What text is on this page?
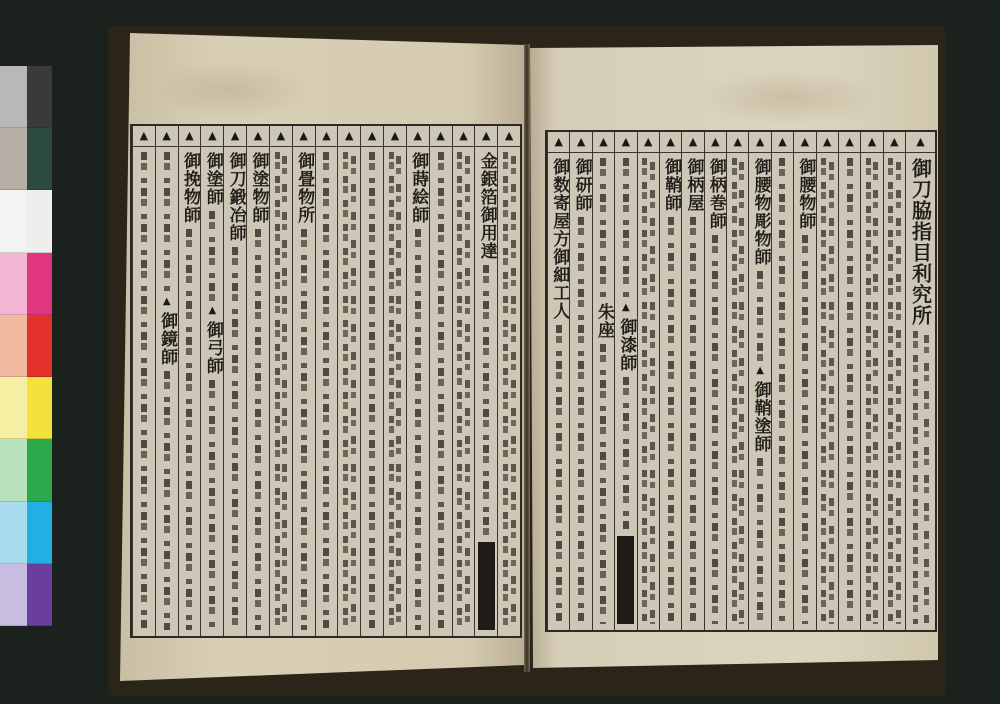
▲
▲
金銀箔御用達
▲
▲
▲
御蒔絵師
▲
▲
▲
▲
▲
御畳物所
▲
▲
御塗物師
▲
御刀鍛冶師
▲
御塗師
▲
御弓師
▲
御挽物師
▲
▲
御鏡師
▲	▲
御刀脇指目利究所
▲
▲
▲
▲
▲
御腰物師
▲
▲
御腰物彫物師
▲
御鞘塗師
▲
▲
御柄巻師
▲
御柄屋
▲
御鞘師
▲
▲
▲
御漆師
▲
朱座
▲
御研師
▲
御数寄屋方御細工人
